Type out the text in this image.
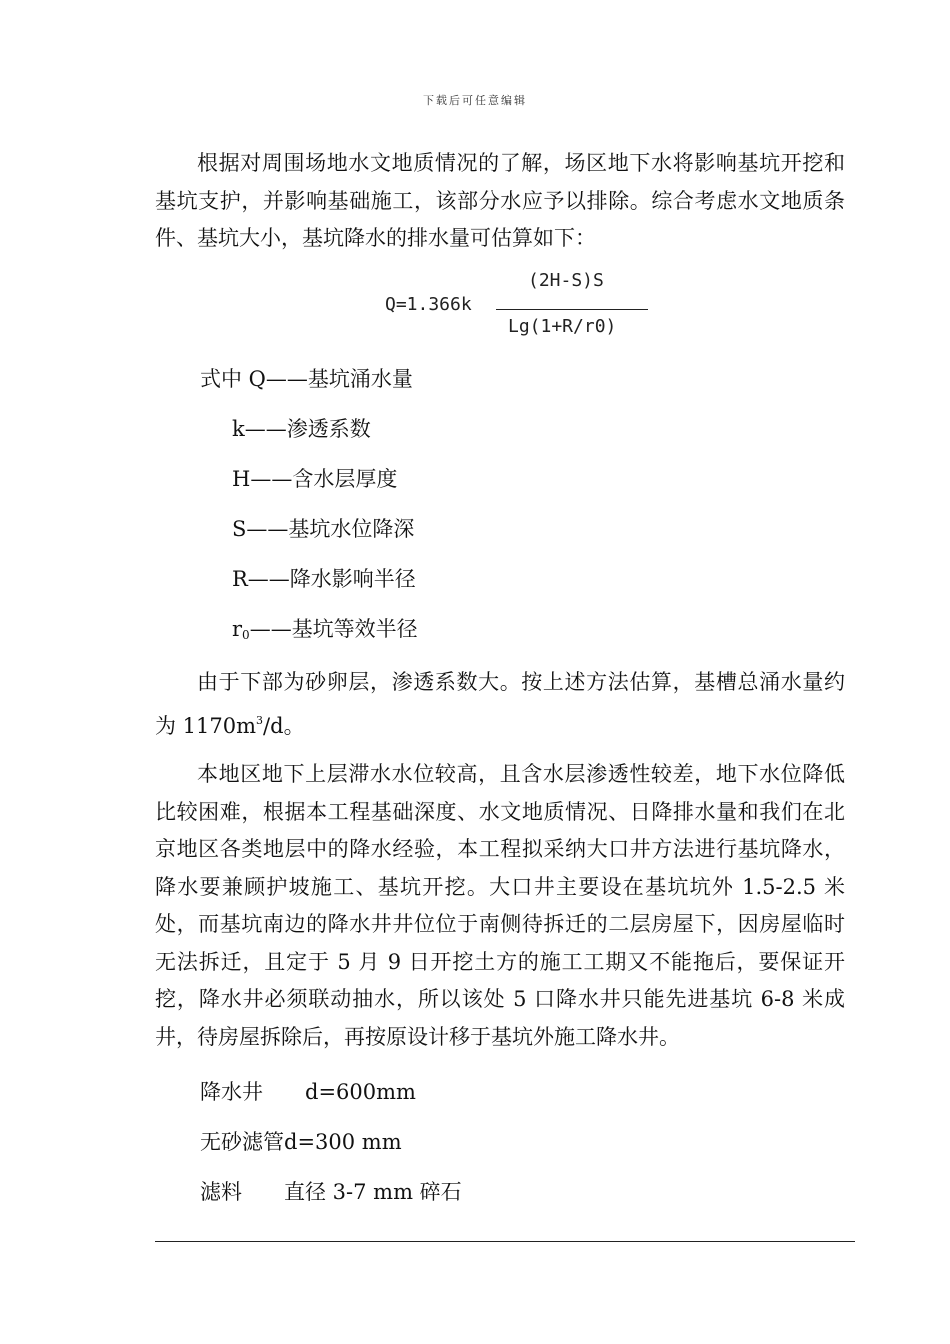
下载后可任意编辑
根据对周围场地水文地质情况的了解，场区地下水将影响基坑开挖和基坑支护，并影响基础施工，该部分水应予以排除。综合考虑水文地质条件、基坑大小，基坑降水的排水量可估算如下：
Q=1.366k
(2H-S)S
Lg(1+R/r0)
式中 Q——基坑涌水量
k——渗透系数
H——含水层厚度
S——基坑水位降深
R——降水影响半径
$r_0——$基坑等效半径
由于下部为砂卵层，渗透系数大。按上述方法估算，基槽总涌水量约为 $1170m^3/d$。
本地区地下上层滞水水位较高，且含水层渗透性较差，地下水位降低比较困难，根据本工程基础深度、水文地质情况、日降排水量和我们在北京地区各类地层中的降水经验，本工程拟采纳大口井方法进行基坑降水，降水要兼顾护坡施工、基坑开挖。大口井主要设在基坑坑外 1.5-2.5 米处，而基坑南边的降水井井位位于南侧待拆迁的二层房屋下，因房屋临时无法拆迁，且定于 5 月 9 日开挖土方的施工工期又不能拖后，要保证开挖，降水井必须联动抽水，所以该处 5 口降水井只能先进基坑 6-8 米成井，待房屋拆除后，再按原设计移于基坑外施工降水井。
降水井 d=600mm
无砂滤管d=300 mm
滤料 直径 3-7 mm 碎石
